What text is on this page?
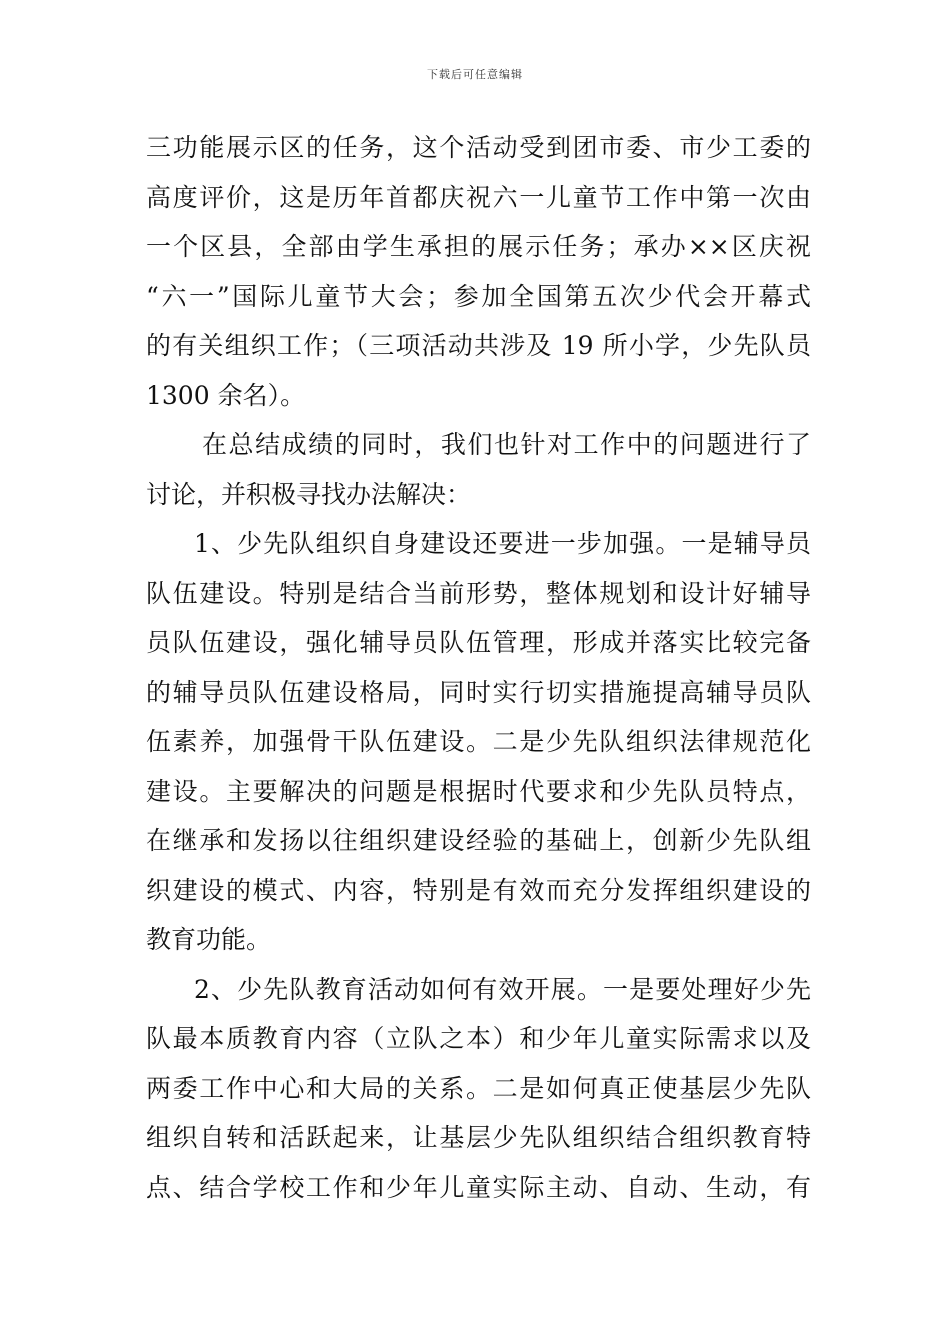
下载后可任意编辑
三功能展示区的任务，这个活动受到团市委、市少工委的
高度评价，这是历年首都庆祝六一儿童节工作中第一次由
一个区县，全部由学生承担的展示任务；承办××区庆祝
“六一”国际儿童节大会；参加全国第五次少代会开幕式
的有关组织工作；（三项活动共涉及 19 所小学，少先队员
1300 余名）。
在总结成绩的同时，我们也针对工作中的问题进行了
讨论，并积极寻找办法解决：
1、少先队组织自身建设还要进一步加强。一是辅导员
队伍建设。特别是结合当前形势，整体规划和设计好辅导
员队伍建设，强化辅导员队伍管理，形成并落实比较完备
的辅导员队伍建设格局，同时实行切实措施提高辅导员队
伍素养，加强骨干队伍建设。二是少先队组织法律规范化
建设。主要解决的问题是根据时代要求和少先队员特点，
在继承和发扬以往组织建设经验的基础上，创新少先队组
织建设的模式、内容，特别是有效而充分发挥组织建设的
教育功能。
2、少先队教育活动如何有效开展。一是要处理好少先
队最本质教育内容（立队之本）和少年儿童实际需求以及
两委工作中心和大局的关系。二是如何真正使基层少先队
组织自转和活跃起来，让基层少先队组织结合组织教育特
点、结合学校工作和少年儿童实际主动、自动、生动，有
